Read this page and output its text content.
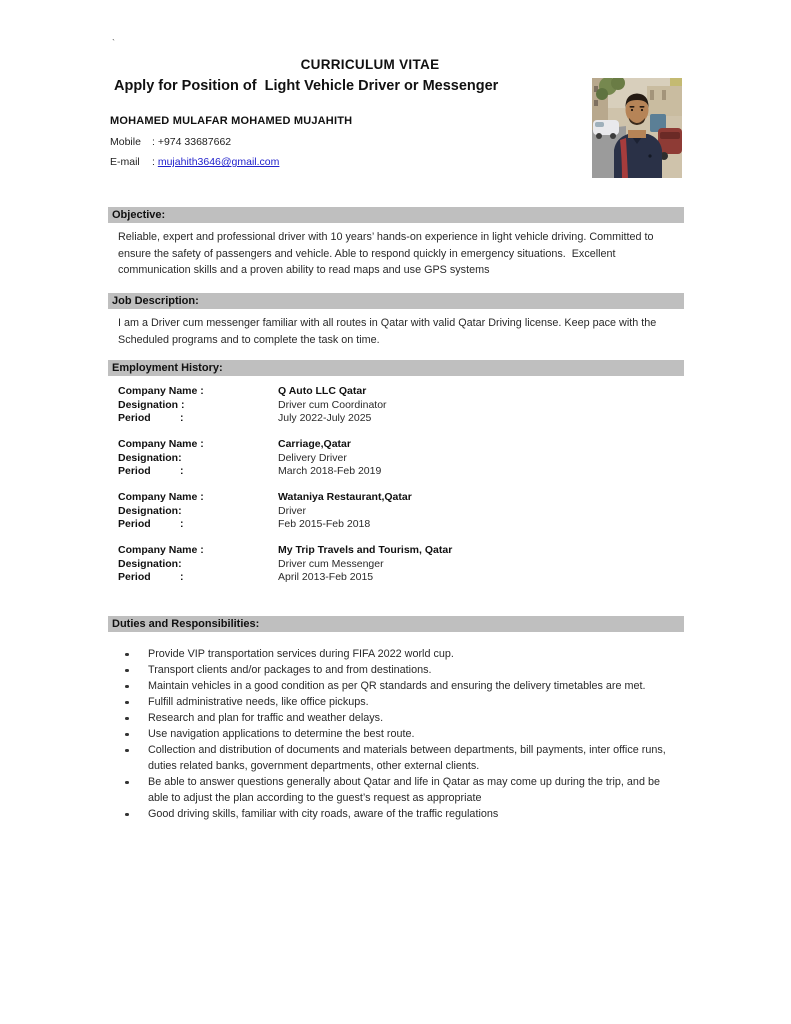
`
CURRICULUM VITAE
Apply for Position of  Light Vehicle Driver or Messenger
MOHAMED MULAFAR MOHAMED MUJAHITH
Mobile : +974 33687662
E-mail : mujahith3646@gmail.com
Objective:
Reliable, expert and professional driver with 10 years’ hands-on experience in light vehicle driving. Committed to ensure the safety of passengers and vehicle. Able to respond quickly in emergency situations.  Excellent communication skills and a proven ability to read maps and use GPS systems
Job Description:
I am a Driver cum messenger familiar with all routes in Qatar with valid Qatar Driving license. Keep pace with the Scheduled programs and to complete the task on time.
Employment History:
Company Name :	Q Auto LLC Qatar
Designation :	Driver cum Coordinator
Period	:	July 2022-July 2025
Company Name :	Carriage,Qatar
Designation:	Delivery Driver
Period	:	March 2018-Feb 2019
Company Name :	Wataniya Restaurant,Qatar
Designation:	Driver
Period	:	Feb 2015-Feb 2018
Company Name :	My Trip Travels and Tourism, Qatar
Designation:	Driver cum Messenger
Period	:	April 2013-Feb 2015
Duties and Responsibilities:
Provide VIP transportation services during FIFA 2022 world cup.
Transport clients and/or packages to and from destinations.
Maintain vehicles in a good condition as per QR standards and ensuring the delivery timetables are met.
Fulfill administrative needs, like office pickups.
Research and plan for traffic and weather delays.
Use navigation applications to determine the best route.
Collection and distribution of documents and materials between departments, bill payments, inter office runs, duties related banks, government departments, other external clients.
Be able to answer questions generally about Qatar and life in Qatar as may come up during the trip, and be able to adjust the plan according to the guest’s request as appropriate
Good driving skills, familiar with city roads, aware of the traffic regulations
